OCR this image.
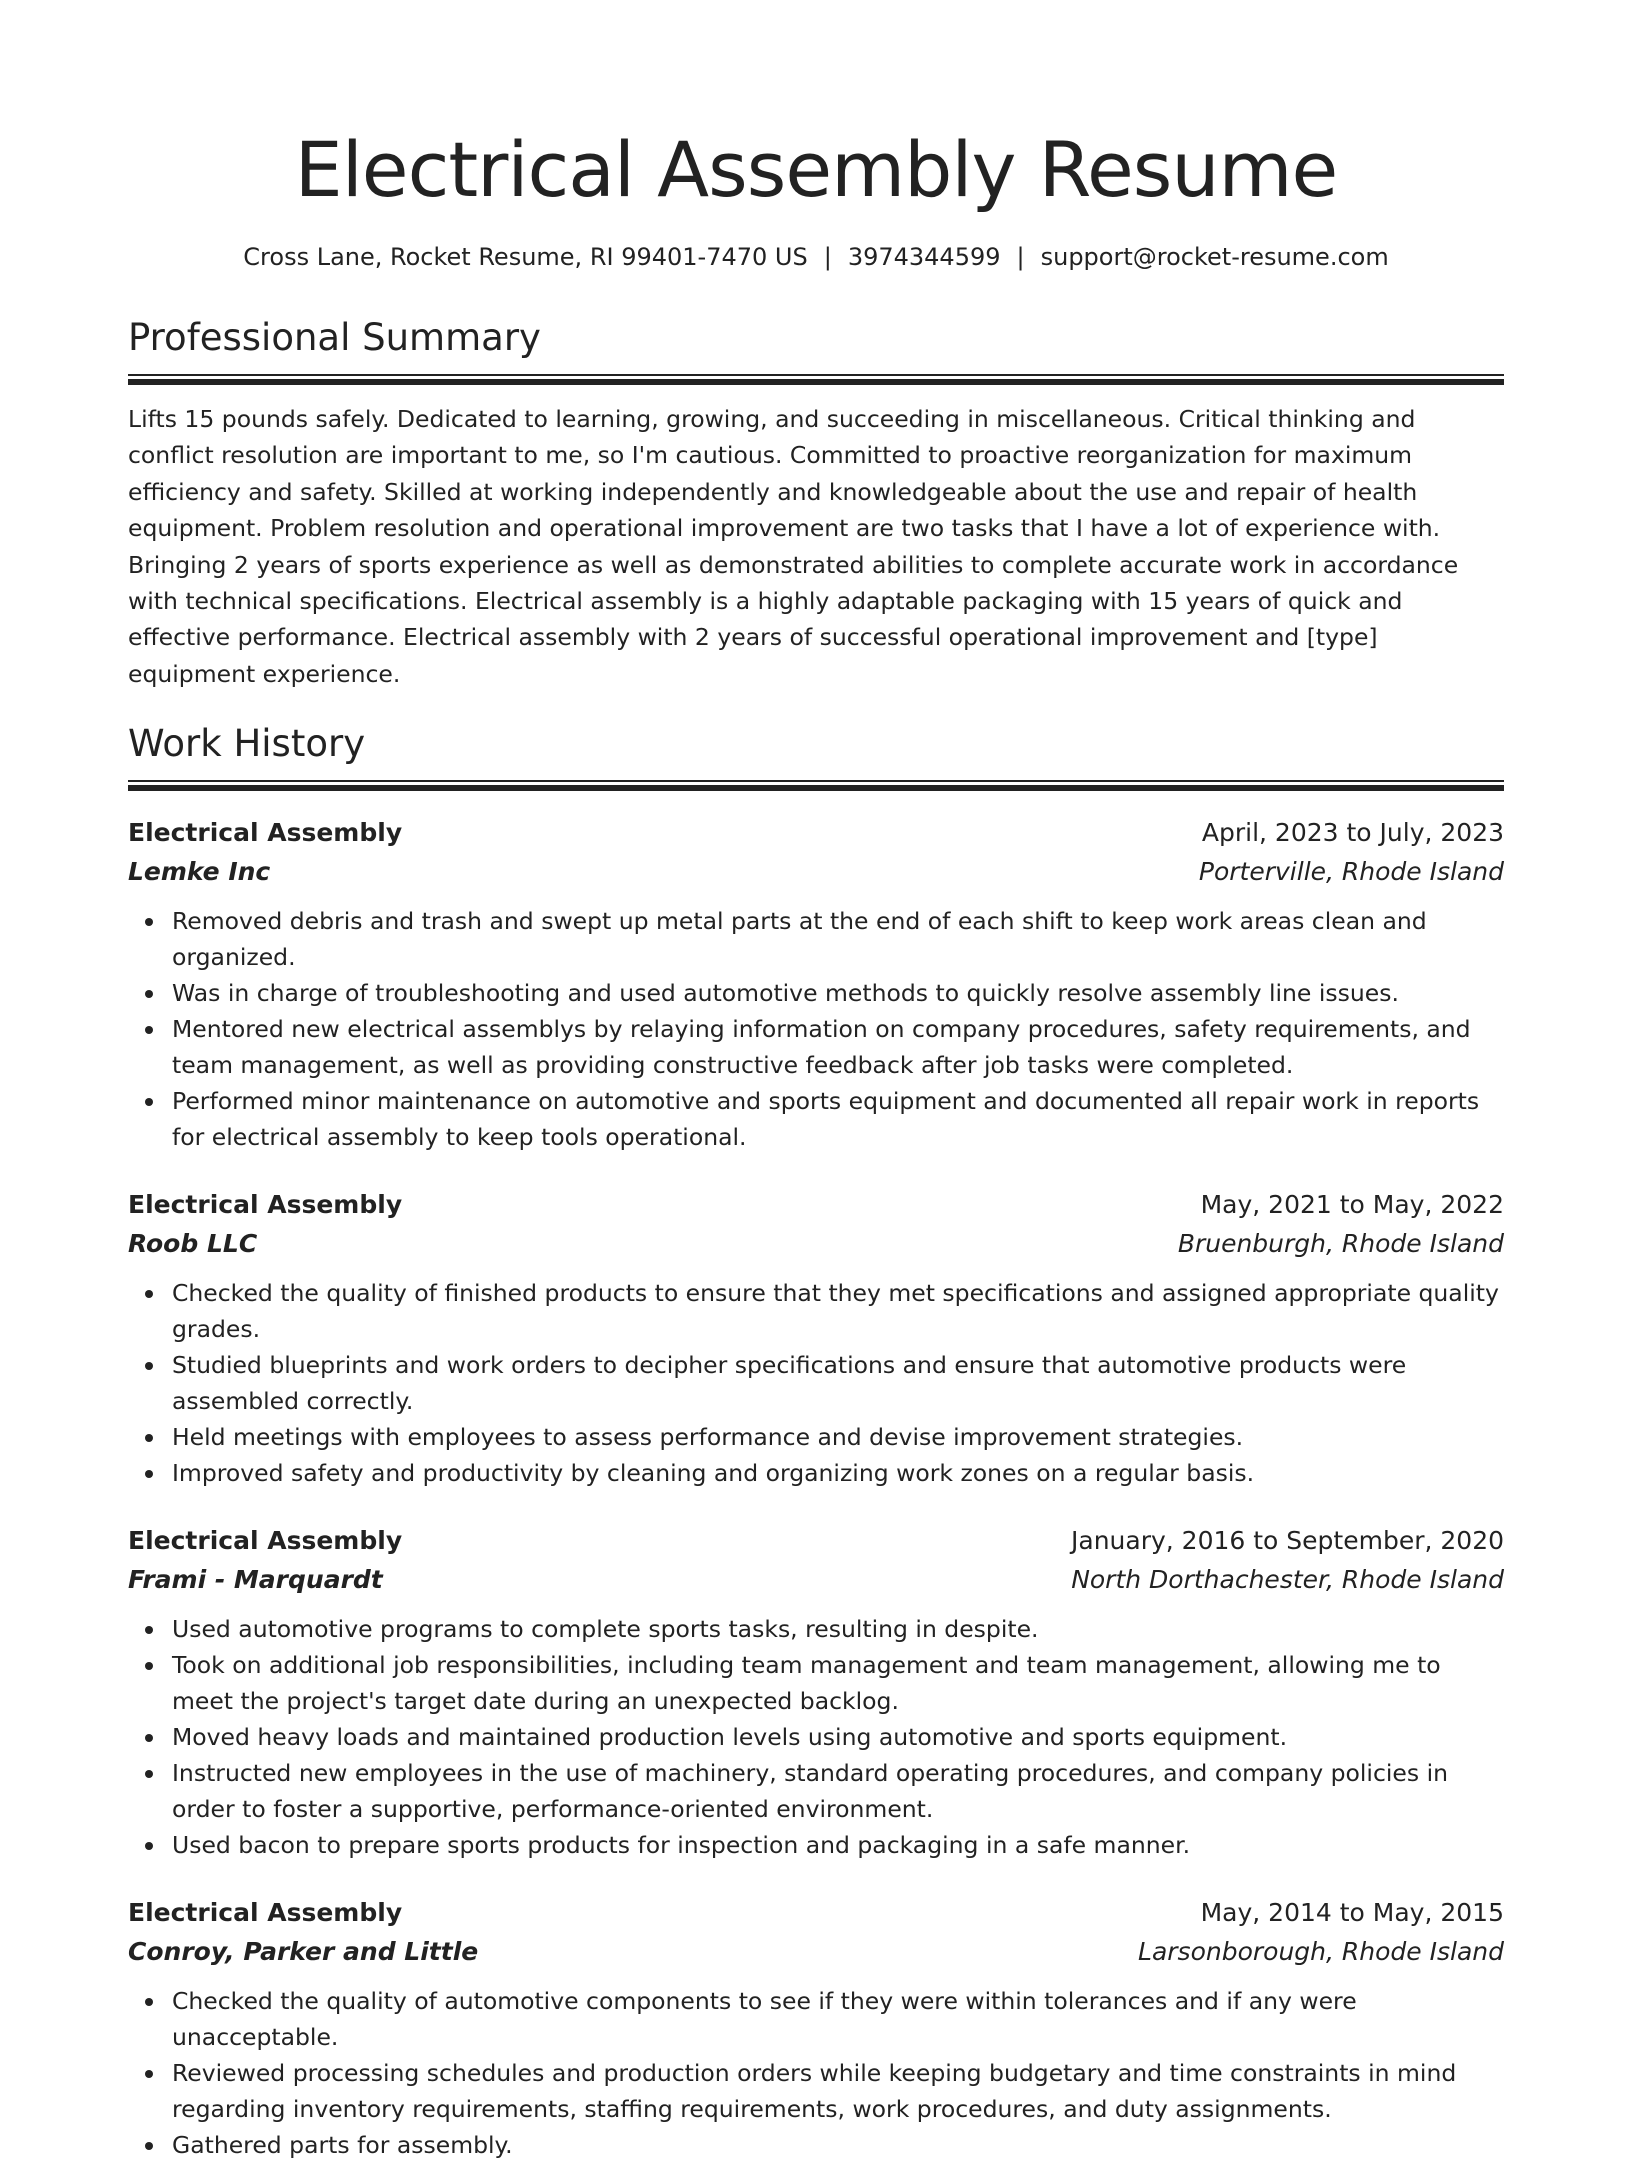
Electrical Assembly Resume
Cross Lane, Rocket Resume, RI 99401-7470 US | 3974344599 | support@rocket-resume.com
Professional Summary

Lifts 15 pounds safely. Dedicated to learning, growing, and succeeding in miscellaneous. Critical thinking and conflict resolution are important to me, so I'm cautious. Committed to proactive reorganization for maximum efficiency and safety. Skilled at working independently and knowledgeable about the use and repair of health equipment. Problem resolution and operational improvement are two tasks that I have a lot of experience with. Bringing 2 years of sports experience as well as demonstrated abilities to complete accurate work in accordance with technical specifications. Electrical assembly is a highly adaptable packaging with 15 years of quick and effective performance. Electrical assembly with 2 years of successful operational improvement and [type] equipment experience.

Work History
Electrical Assembly	April, 2023 to July, 2023
Lemke Inc	Porterville, Rhode Island
Removed debris and trash and swept up metal parts at the end of each shift to keep work areas clean and organized.
Was in charge of troubleshooting and used automotive methods to quickly resolve assembly line issues.
Mentored new electrical assemblys by relaying information on company procedures, safety requirements, and team management, as well as providing constructive feedback after job tasks were completed.
Performed minor maintenance on automotive and sports equipment and documented all repair work in reports for electrical assembly to keep tools operational.
Electrical Assembly	May, 2021 to May, 2022
Roob LLC	Bruenburgh, Rhode Island
Checked the quality of finished products to ensure that they met specifications and assigned appropriate quality grades.
Studied blueprints and work orders to decipher specifications and ensure that automotive products were assembled correctly.
Held meetings with employees to assess performance and devise improvement strategies.
Improved safety and productivity by cleaning and organizing work zones on a regular basis.
Electrical Assembly	January, 2016 to September, 2020
Frami - Marquardt	North Dorthachester, Rhode Island
Used automotive programs to complete sports tasks, resulting in despite.
Took on additional job responsibilities, including team management and team management, allowing me to meet the project's target date during an unexpected backlog.
Moved heavy loads and maintained production levels using automotive and sports equipment.
Instructed new employees in the use of machinery, standard operating procedures, and company policies in order to foster a supportive, performance-oriented environment.
Used bacon to prepare sports products for inspection and packaging in a safe manner.
Electrical Assembly	May, 2014 to May, 2015
Conroy, Parker and Little	Larsonborough, Rhode Island
Checked the quality of automotive components to see if they were within tolerances and if any were unacceptable.
Reviewed processing schedules and production orders while keeping budgetary and time constraints in mind regarding inventory requirements, staffing requirements, work procedures, and duty assignments.
Gathered parts for assembly.
